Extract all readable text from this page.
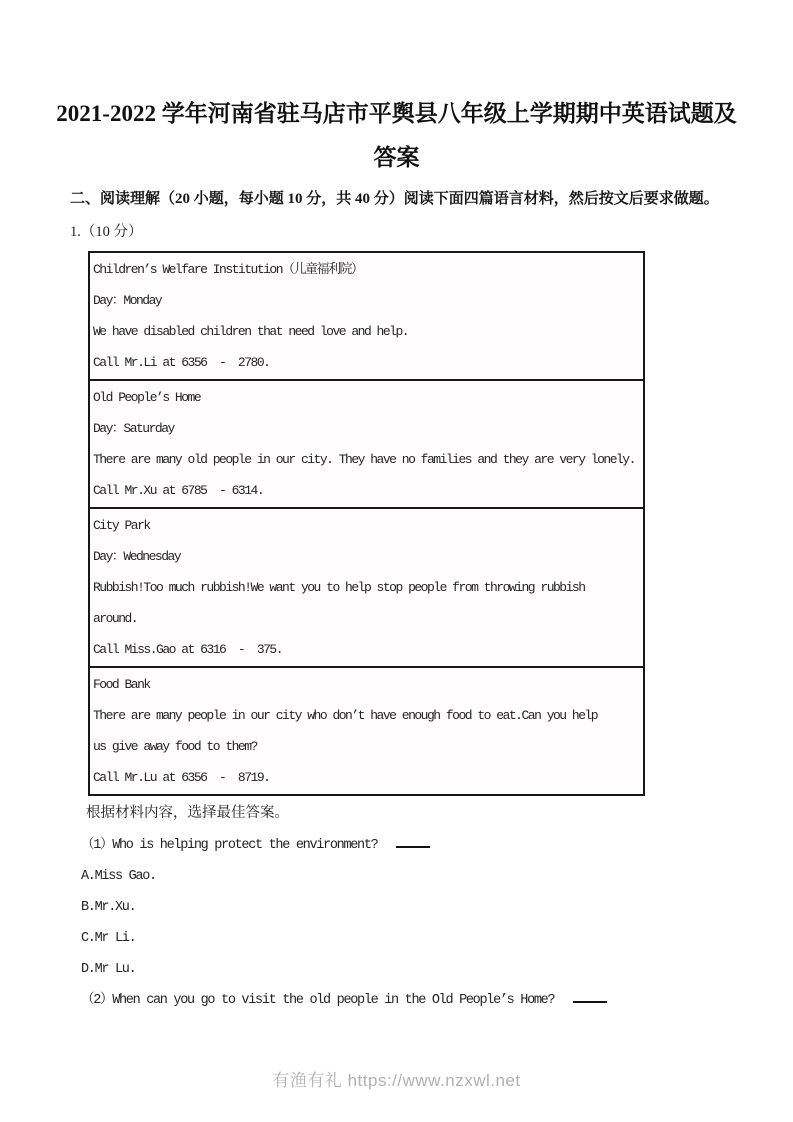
2021-2022 学年河南省驻马店市平舆县八年级上学期期中英语试题及
答案

二、阅读理解（20 小题，每小题 10 分，共 40 分）阅读下面四篇语言材料，然后按文后要求做题。

1.（10 分）

Children’s Welfare Institution（儿童福利院）
Day：Monday
We have disabled children that need love and help.
Call Mr.Li at 6356  -  2780.
Old People’s Home
Day：Saturday
There are many old people in our city. They have no families and they are very lonely.
Call Mr.Xu at 6785  - 6314.
City Park
Day：Wednesday
Rubbish!Too much rubbish!We want you to help stop people from throwing rubbish
around.
Call Miss.Gao at 6316  -  375.
Food Bank
There are many people in our city who don’t have enough food to eat.Can you help
us give away food to them?
Call Mr.Lu at 6356  -  8719.

根据材料内容，选择最佳答案。

（1）Who is helping protect the environment?
A.Miss Gao.
B.Mr.Xu.
C.Mr Li.
D.Mr Lu.
（2）When can you go to visit the old people in the Old People’s Home?
有渔有礼 https://www.nzxwl.net
